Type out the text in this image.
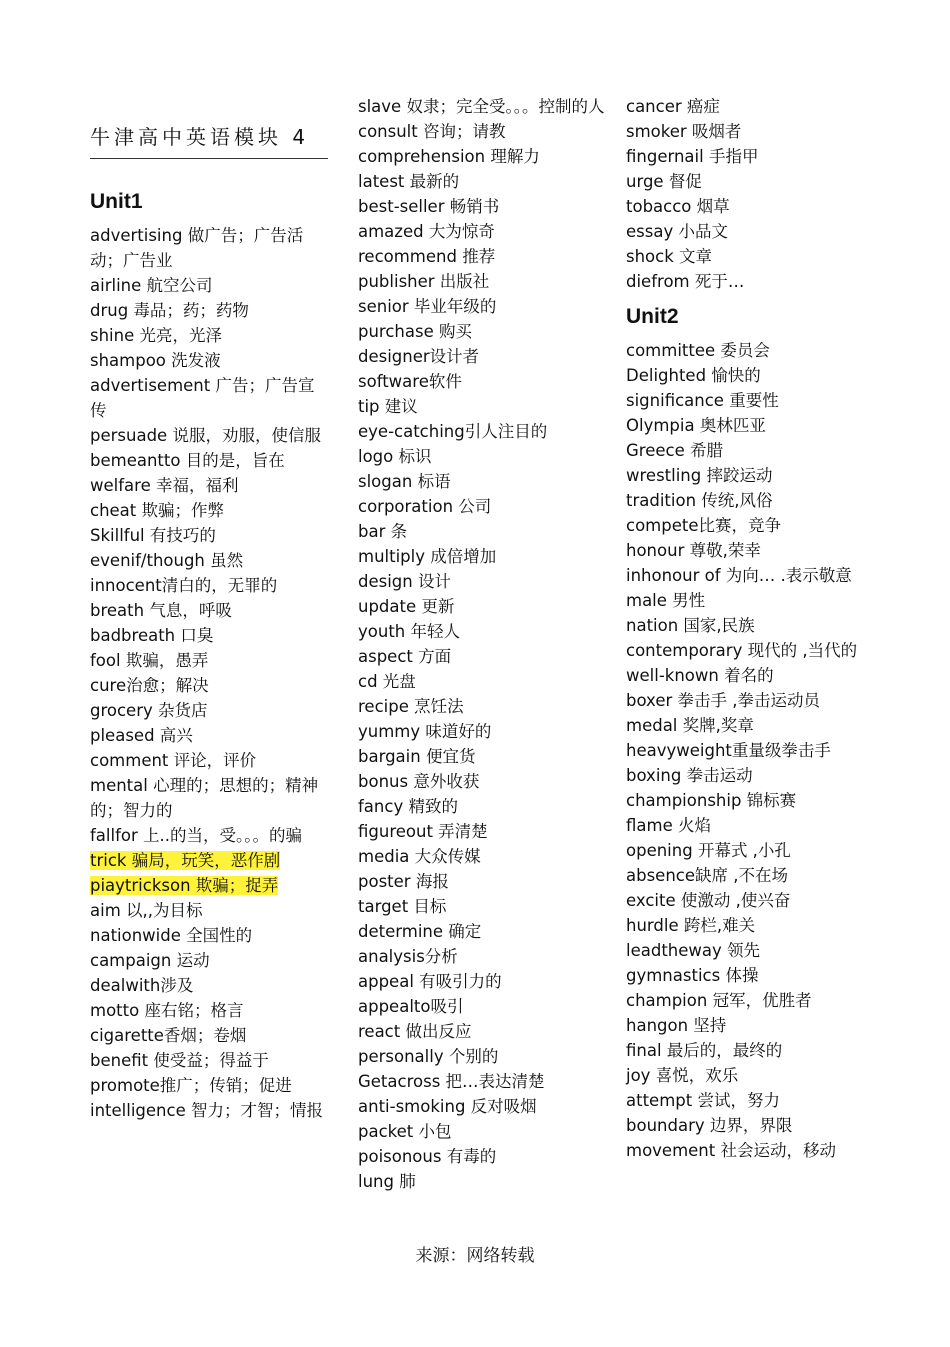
牛津高中英语模块 4
Unit1
advertising 做广告；广告活动；广告业
airline 航空公司
drug 毒品；药；药物
shine 光亮，光泽
shampoo 洗发液
advertisement 广告；广告宣传
persuade 说服，劝服，使信服
bemeantto 目的是，旨在
welfare 幸福，福利
cheat 欺骗；作弊
Skillful 有技巧的
evenif/though 虽然
innocent清白的，无罪的
breath 气息，呼吸
badbreath 口臭
fool 欺骗，愚弄
cure治愈；解决
grocery 杂货店
pleased 高兴
comment 评论，评价
mental 心理的；思想的；精神的；智力的
fallfor 上..的当，受。。。的骗
trick 骗局，玩笑，恶作剧
piaytrickson 欺骗；捉弄
aim 以,,为目标
nationwide 全国性的
campaign 运动
dealwith涉及
motto 座右铭；格言
cigarette香烟；卷烟
benefit 使受益；得益于
promote推广；传销；促进
intelligence 智力；才智；情报
slave 奴隶；完全受。。。控制的人
consult 咨询；请教
comprehension 理解力
latest 最新的
best-seller 畅销书
amazed 大为惊奇
recommend 推荐
publisher 出版社
senior 毕业年级的
purchase 购买
designer设计者
software软件
tip 建议
eye-catching引人注目的
logo 标识
slogan 标语
corporation 公司
bar 条
multiply 成倍增加
design 设计
update 更新
youth 年轻人
aspect 方面
cd 光盘
recipe 烹饪法
yummy 味道好的
bargain 便宜货
bonus 意外收获
fancy 精致的
figureout 弄清楚
media 大众传媒
poster 海报
target 目标
determine 确定
analysis分析
appeal 有吸引力的
appealto吸引
react 做出反应
personally 个别的
Getacross 把…表达清楚
anti-smoking 反对吸烟
packet 小包
poisonous 有毒的
lung 肺
cancer 癌症
smoker 吸烟者
fingernail 手指甲
urge 督促
tobacco 烟草
essay 小品文
shock 文章
diefrom 死于…
Unit2
committee 委员会
Delighted 愉快的
significance 重要性
Olympia 奥林匹亚
Greece 希腊
wrestling 摔跤运动
tradition 传统,风俗
compete比赛，竞争
honour 尊敬,荣幸
inhonour of 为向… .表示敬意
male 男性
nation 国家,民族
contemporary 现代的 ,当代的
well-known 着名的
boxer 拳击手 ,拳击运动员
medal 奖牌,奖章
heavyweight重量级拳击手
boxing 拳击运动
championship 锦标赛
flame 火焰
opening 开幕式 ,小孔
absence缺席 ,不在场
excite 使激动 ,使兴奋
hurdle 跨栏,难关
leadtheway 领先
gymnastics 体操
champion 冠军，优胜者
hangon 坚持
final 最后的，最终的
joy 喜悦，欢乐
attempt 尝试，努力
boundary 边界，界限
movement 社会运动，移动
来源：网络转载
